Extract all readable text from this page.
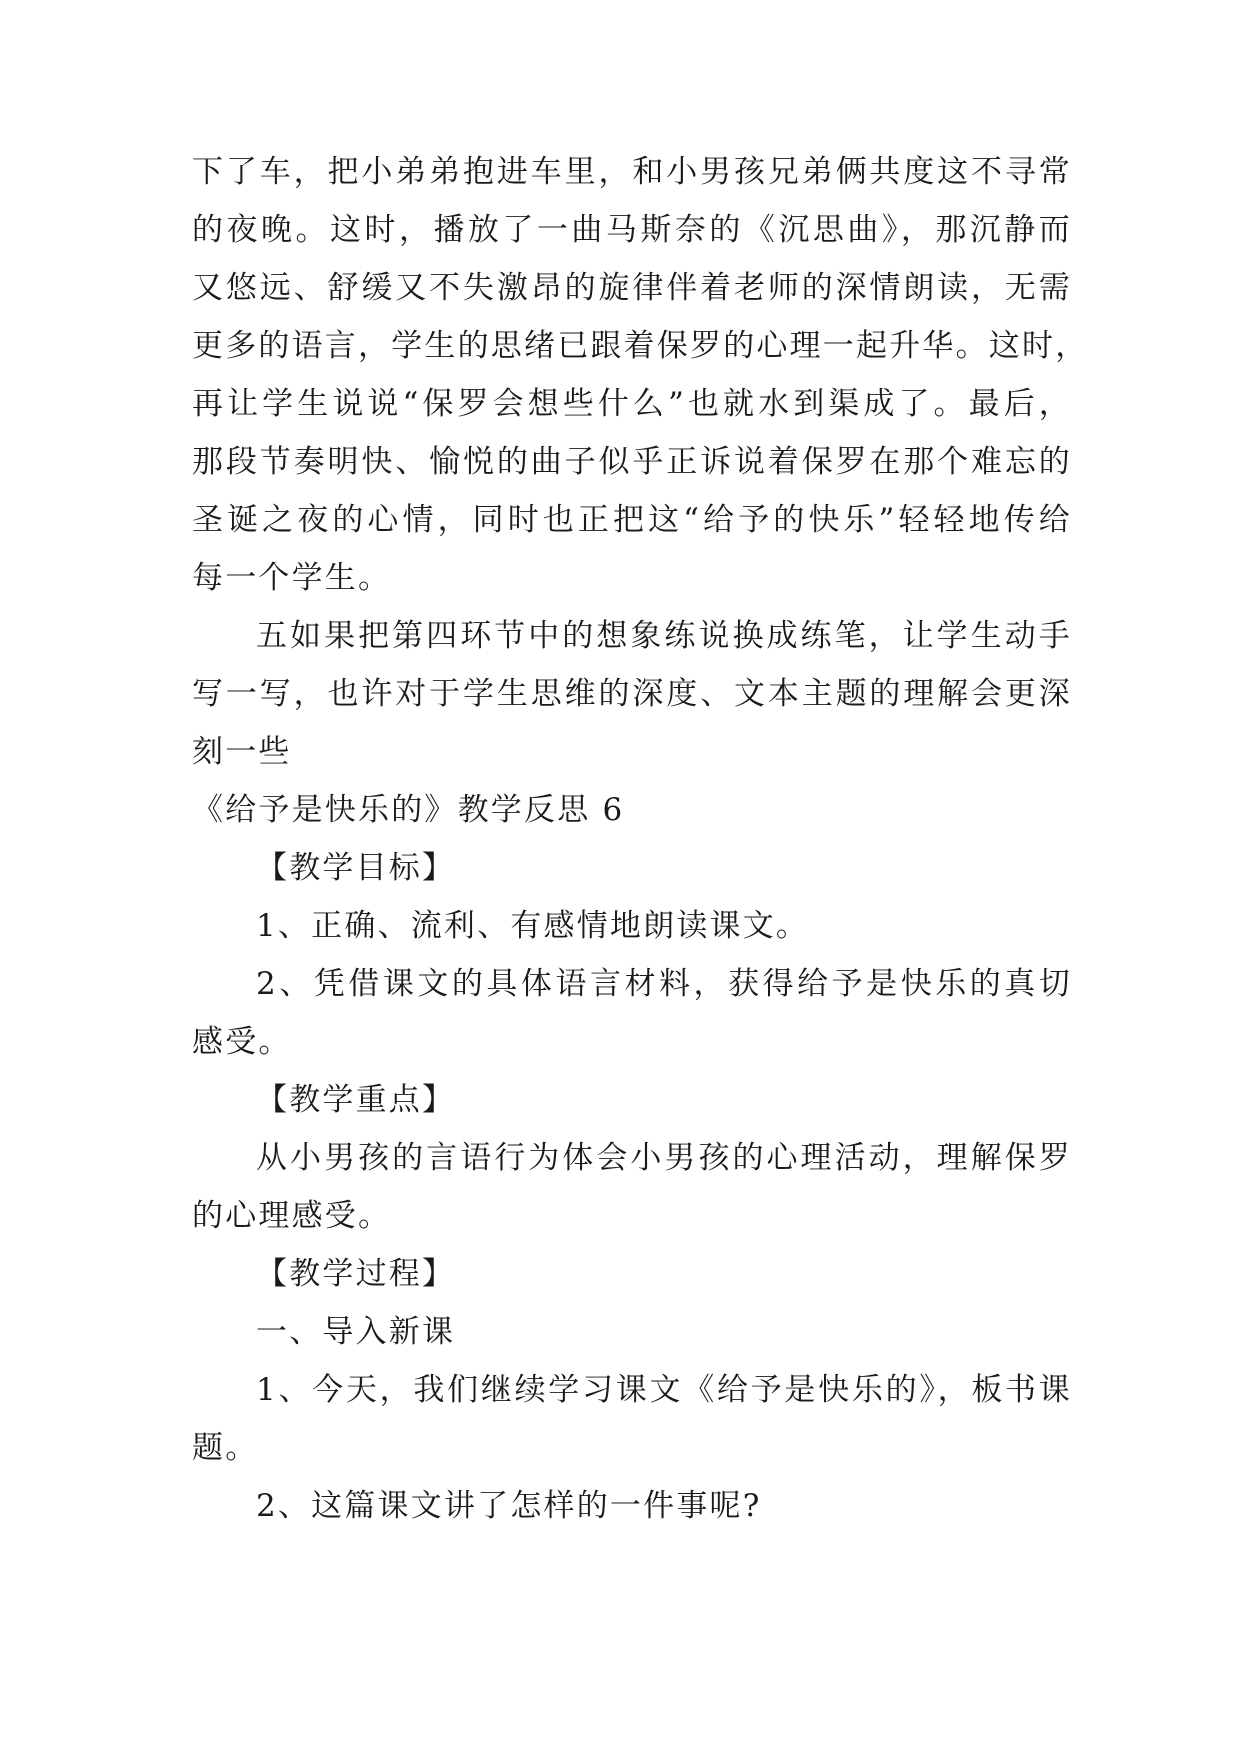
下了车，把小弟弟抱进车里，和小男孩兄弟俩共度这不寻常
的夜晚。这时，播放了一曲马斯奈的《沉思曲》，那沉静而
又悠远、舒缓又不失激昂的旋律伴着老师的深情朗读，无需
更多的语言，学生的思绪已跟着保罗的心理一起升华。这时，
再让学生说说“保罗会想些什么”也就水到渠成了。最后，
那段节奏明快、愉悦的曲子似乎正诉说着保罗在那个难忘的
圣诞之夜的心情，同时也正把这“给予的快乐”轻轻地传给
每一个学生。
五如果把第四环节中的想象练说换成练笔，让学生动手
写一写，也许对于学生思维的深度、文本主题的理解会更深
刻一些
《给予是快乐的》教学反思 6
【教学目标】
1、正确、流利、有感情地朗读课文。
2、凭借课文的具体语言材料，获得给予是快乐的真切
感受。
【教学重点】
从小男孩的言语行为体会小男孩的心理活动，理解保罗
的心理感受。
【教学过程】
一、导入新课
1、今天，我们继续学习课文《给予是快乐的》，板书课
题。
2、这篇课文讲了怎样的一件事呢?
